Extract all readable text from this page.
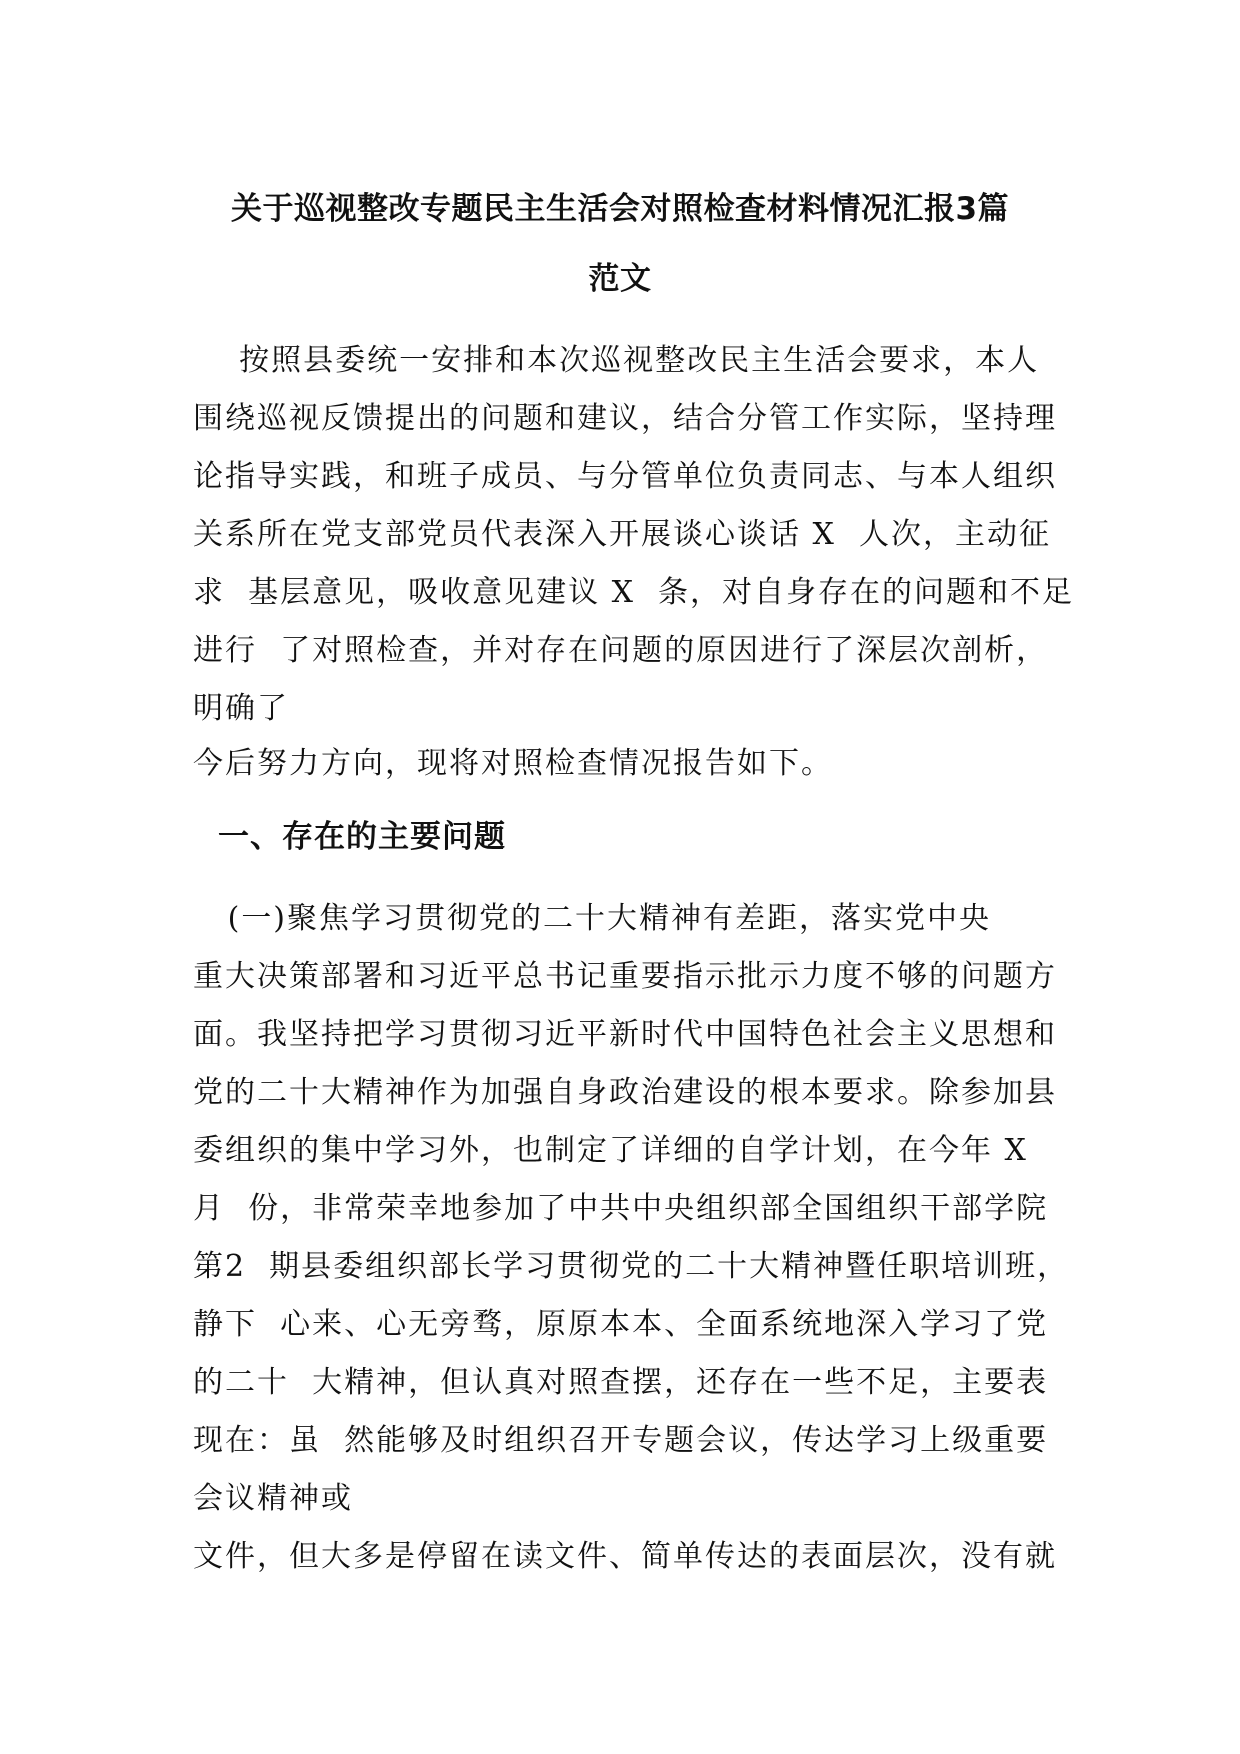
关于巡视整改专题民主生活会对照检查材料情况汇报3篇
范文
按照县委统一安排和本次巡视整改民主生活会要求，本人
围绕巡视反馈提出的问题和建议，结合分管工作实际，坚持理
论指导实践，和班子成员、与分管单位负责同志、与本人组织
关系所在党支部党员代表深入开展谈心谈话 X  人次，主动征
求  基层意见，吸收意见建议 X  条，对自身存在的问题和不足
进行  了对照检查，并对存在问题的原因进行了深层次剖析，
明确了
今后努力方向，现将对照检查情况报告如下。
一、存在的主要问题
(一)聚焦学习贯彻党的二十大精神有差距，落实党中央
重大决策部署和习近平总书记重要指示批示力度不够的问题方
面。我坚持把学习贯彻习近平新时代中国特色社会主义思想和
党的二十大精神作为加强自身政治建设的根本要求。除参加县
委组织的集中学习外，也制定了详细的自学计划，在今年 X
月  份，非常荣幸地参加了中共中央组织部全国组织干部学院
第2  期县委组织部长学习贯彻党的二十大精神暨任职培训班，
静下  心来、心无旁骛，原原本本、全面系统地深入学习了党
的二十  大精神，但认真对照查摆，还存在一些不足，主要表
现在：虽  然能够及时组织召开专题会议，传达学习上级重要
会议精神或
文件，但大多是停留在读文件、简单传达的表面层次，没有就
